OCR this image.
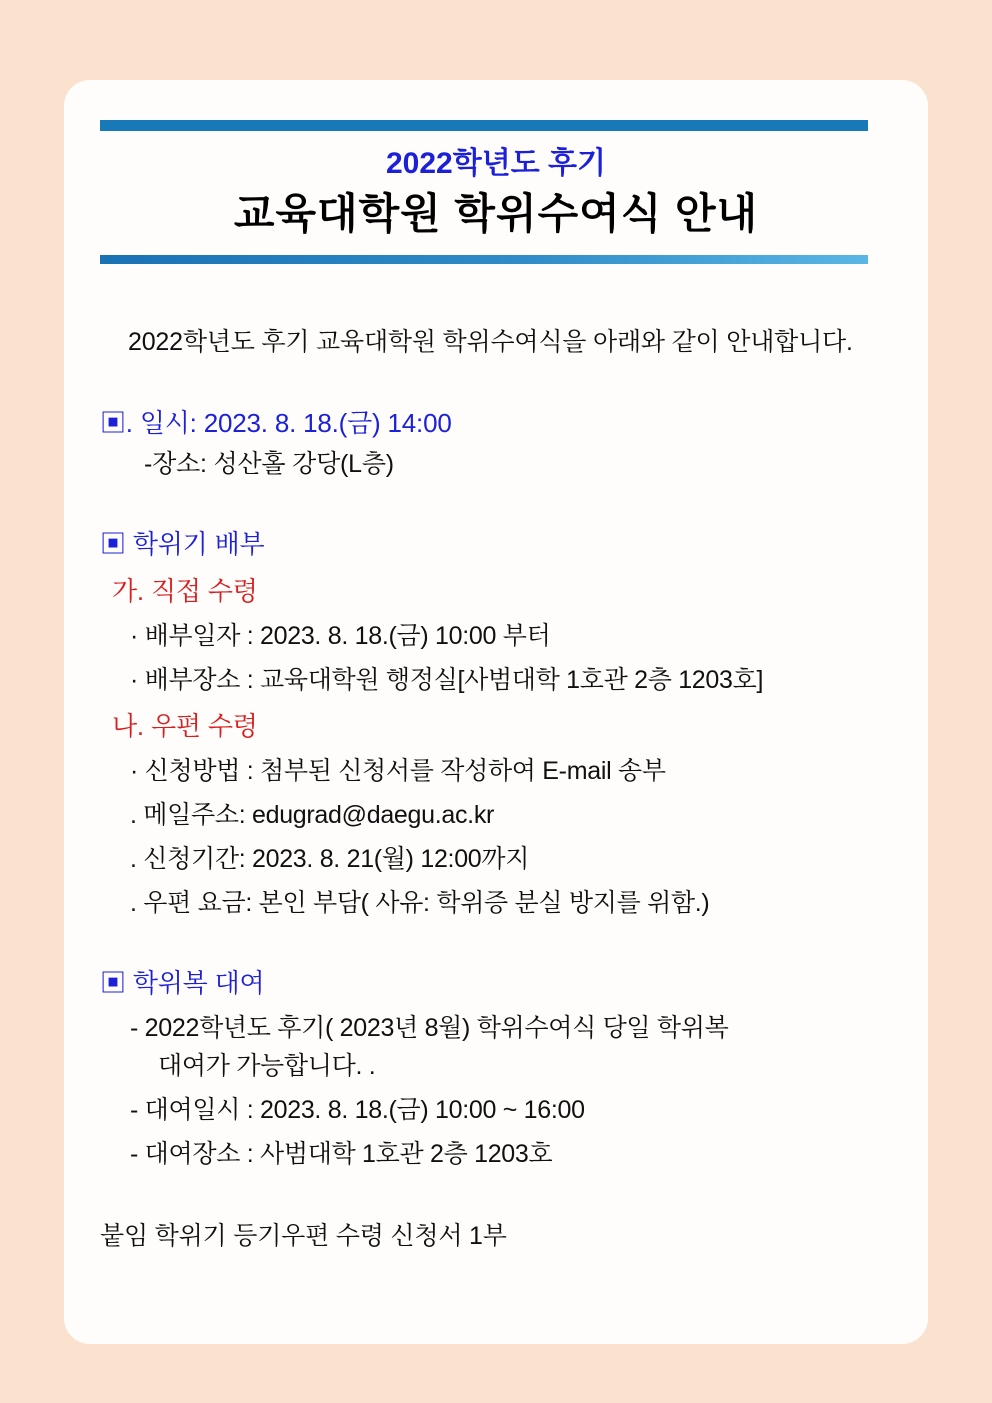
2022학년도 후기
교육대학원 학위수여식 안내
2022학년도 후기 교육대학원 학위수여식을 아래와 같이 안내합니다.
▣. 일시: 2023. 8. 18.(금) 14:00
-장소: 성산홀 강당(L층)
▣ 학위기 배부
가. 직접 수령
· 배부일자 : 2023. 8. 18.(금) 10:00 부터
· 배부장소 : 교육대학원 행정실[사범대학 1호관 2층 1203호]
나. 우편 수령
· 신청방법 : 첨부된 신청서를 작성하여 E-mail 송부
. 메일주소: edugrad@daegu.ac.kr
. 신청기간: 2023. 8. 21(월) 12:00까지
. 우편 요금: 본인 부담( 사유: 학위증 분실 방지를 위함.)
▣ 학위복 대여
- 2022학년도 후기( 2023년 8월) 학위수여식 당일 학위복
대여가 가능합니다. .
- 대여일시 : 2023. 8. 18.(금) 10:00 ~ 16:00
- 대여장소 : 사범대학 1호관 2층 1203호
붙임 학위기 등기우편 수령 신청서 1부
